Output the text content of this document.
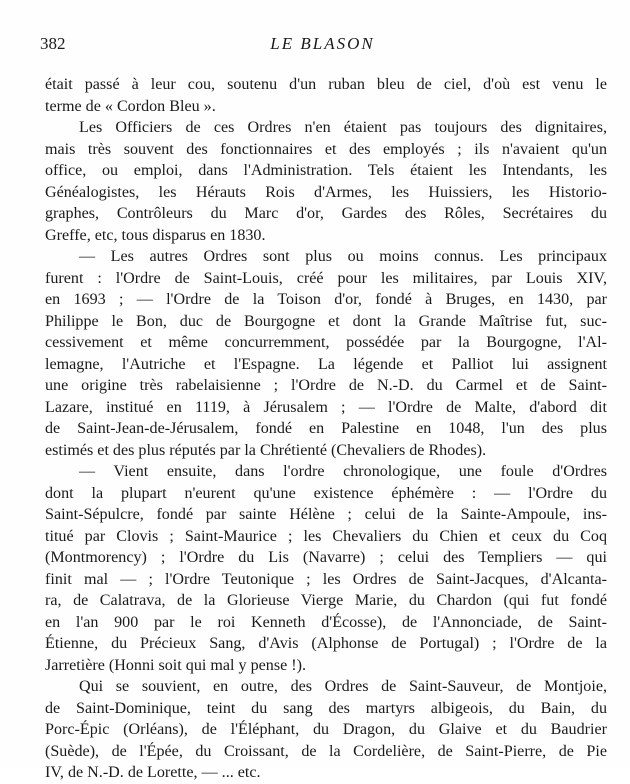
382	LE BLASON
était passé à leur cou, soutenu d'un ruban bleu de ciel, d'où est venu le
terme de « Cordon Bleu ».
Les Officiers de ces Ordres n'en étaient pas toujours des dignitaires,
mais très souvent des fonctionnaires et des employés ; ils n'avaient qu'un
office, ou emploi, dans l'Administration. Tels étaient les Intendants, les
Généalogistes, les Hérauts Rois d'Armes, les Huissiers, les Historio-
graphes, Contrôleurs du Marc d'or, Gardes des Rôles, Secrétaires du
Greffe, etc, tous disparus en 1830.
— Les autres Ordres sont plus ou moins connus. Les principaux
furent : l'Ordre de Saint-Louis, créé pour les militaires, par Louis XIV,
en 1693 ; — l'Ordre de la Toison d'or, fondé à Bruges, en 1430, par
Philippe le Bon, duc de Bourgogne et dont la Grande Maîtrise fut, suc-
cessivement et même concurremment, possédée par la Bourgogne, l'Al-
lemagne, l'Autriche et l'Espagne. La légende et Palliot lui assignent
une origine très rabelaisienne ; l'Ordre de N.-D. du Carmel et de Saint-
Lazare, institué en 1119, à Jérusalem ; — l'Ordre de Malte, d'abord dit
de Saint-Jean-de-Jérusalem, fondé en Palestine en 1048, l'un des plus
estimés et des plus réputés par la Chrétienté (Chevaliers de Rhodes).
— Vient ensuite, dans l'ordre chronologique, une foule d'Ordres
dont la plupart n'eurent qu'une existence éphémère : — l'Ordre du
Saint-Sépulcre, fondé par sainte Hélène ; celui de la Sainte-Ampoule, ins-
titué par Clovis ; Saint-Maurice ; les Chevaliers du Chien et ceux du Coq
(Montmorency) ; l'Ordre du Lis (Navarre) ; celui des Templiers — qui
finit mal — ; l'Ordre Teutonique ; les Ordres de Saint-Jacques, d'Alcanta-
ra, de Calatrava, de la Glorieuse Vierge Marie, du Chardon (qui fut fondé
en l'an 900 par le roi Kenneth d'Écosse), de l'Annonciade, de Saint-
Étienne, du Précieux Sang, d'Avis (Alphonse de Portugal) ; l'Ordre de la
Jarretière (Honni soit qui mal y pense !).
Qui se souvient, en outre, des Ordres de Saint-Sauveur, de Montjoie,
de Saint-Dominique, teint du sang des martyrs albigeois, du Bain, du
Porc-Épic (Orléans), de l'Éléphant, du Dragon, du Glaive et du Baudrier
(Suède), de l'Épée, du Croissant, de la Cordelière, de Saint-Pierre, de Pie
IV, de N.-D. de Lorette, — ... etc.
